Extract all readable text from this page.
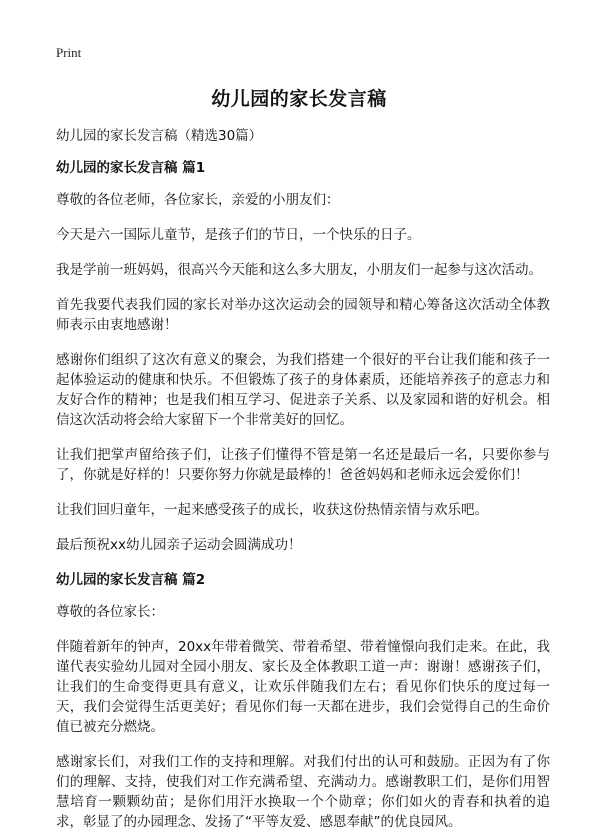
Print
幼儿园的家长发言稿
幼儿园的家长发言稿（精选30篇）
幼儿园的家长发言稿 篇1

尊敬的各位老师，各位家长，亲爱的小朋友们：

今天是六一国际儿童节，是孩子们的节日，一个快乐的日子。

我是学前一班妈妈，很高兴今天能和这么多大朋友，小朋友们一起参与这次活动。

首先我要代表我们园的家长对举办这次运动会的园领导和精心筹备这次活动全体教师表示由衷地感谢！

感谢你们组织了这次有意义的聚会，为我们搭建一个很好的平台让我们能和孩子一起体验运动的健康和快乐。不但锻炼了孩子的身体素质，还能培养孩子的意志力和友好合作的精神；也是我们相互学习、促进亲子关系、以及家园和谐的好机会。相信这次活动将会给大家留下一个非常美好的回忆。

让我们把掌声留给孩子们，让孩子们懂得不管是第一名还是最后一名，只要你参与了，你就是好样的！只要你努力你就是最棒的！爸爸妈妈和老师永远会爱你们！

让我们回归童年，一起来感受孩子的成长，收获这份热情亲情与欢乐吧。

最后预祝xx幼儿园亲子运动会圆满成功！

幼儿园的家长发言稿 篇2

尊敬的各位家长：

伴随着新年的钟声，20xx年带着微笑、带着希望、带着憧憬向我们走来。在此，我谨代表实验幼儿园对全园小朋友、家长及全体教职工道一声：谢谢！感谢孩子们，让我们的生命变得更具有意义，让欢乐伴随我们左右；看见你们快乐的度过每一天，我们会觉得生活更美好；看见你们每一天都在进步，我们会觉得自己的生命价值已被充分燃烧。

感谢家长们，对我们工作的支持和理解。对我们付出的认可和鼓励。正因为有了你们的理解、支持，使我们对工作充满希望、充满动力。感谢教职工们，是你们用智慧培育一颗颗幼苗；是你们用汗水换取一个个勋章；你们如火的青春和执着的追求，彰显了的办园理念、发扬了“平等友爱、感恩奉献”的优良园风。
